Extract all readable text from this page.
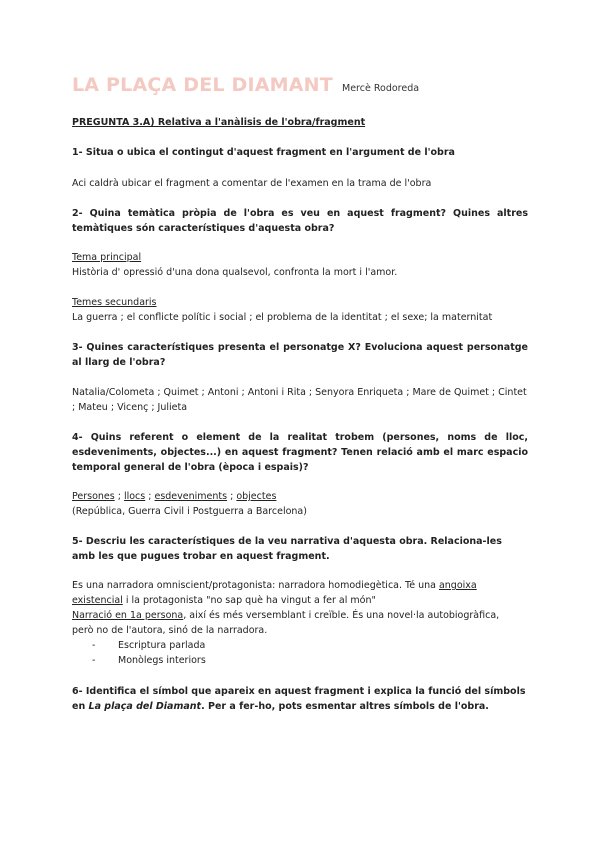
LA PLAÇA DEL DIAMANT Mercè Rodoreda
PREGUNTA 3.A) Relativa a l'anàlisis de l'obra/fragment
1- Situa o ubica el contingut d'aquest fragment en l'argument de l'obra
Aci caldrà ubicar el fragment a comentar de l'examen en la trama de l'obra
2- Quina temàtica pròpia de l'obra es veu en aquest fragment? Quines altres temàtiques són característiques d'aquesta obra?
Tema principal
Història d' opressió d'una dona qualsevol, confronta la mort i l'amor.
Temes secundaris
La guerra ; el conflicte polític i social ; el problema de la identitat ; el sexe; la maternitat
3- Quines característiques presenta el personatge X? Evoluciona aquest personatge al llarg de l'obra?
Natalia/Colometa ; Quimet ; Antoni ; Antoni i Rita ; Senyora Enriqueta ; Mare de Quimet ; Cintet ; Mateu ; Vicenç ; Julieta
4- Quins referent o element de la realitat trobem (persones, noms de lloc, esdeveniments, objectes...) en aquest fragment? Tenen relació amb el marc espacio temporal general de l'obra (època i espais)?
Persones ; llocs ; esdeveniments ; objectes
(República, Guerra Civil i Postguerra a Barcelona)
5- Descriu les característiques de la veu narrativa d'aquesta obra. Relaciona-les amb les que pugues trobar en aquest fragment.
Es una narradora omniscient/protagonista: narradora homodiegètica. Té una angoixa
existencial i la protagonista "no sap què ha vingut a fer al món"
Narració en 1a persona, així és més versemblant i creïble. És una novel·la autobiogràfica,
però no de l'autora, sinó de la narradora.
- Escriptura parlada
- Monòlegs interiors
6- Identifica el símbol que apareix en aquest fragment i explica la funció del símbols
en La plaça del Diamant. Per a fer-ho, pots esmentar altres símbols de l'obra.
